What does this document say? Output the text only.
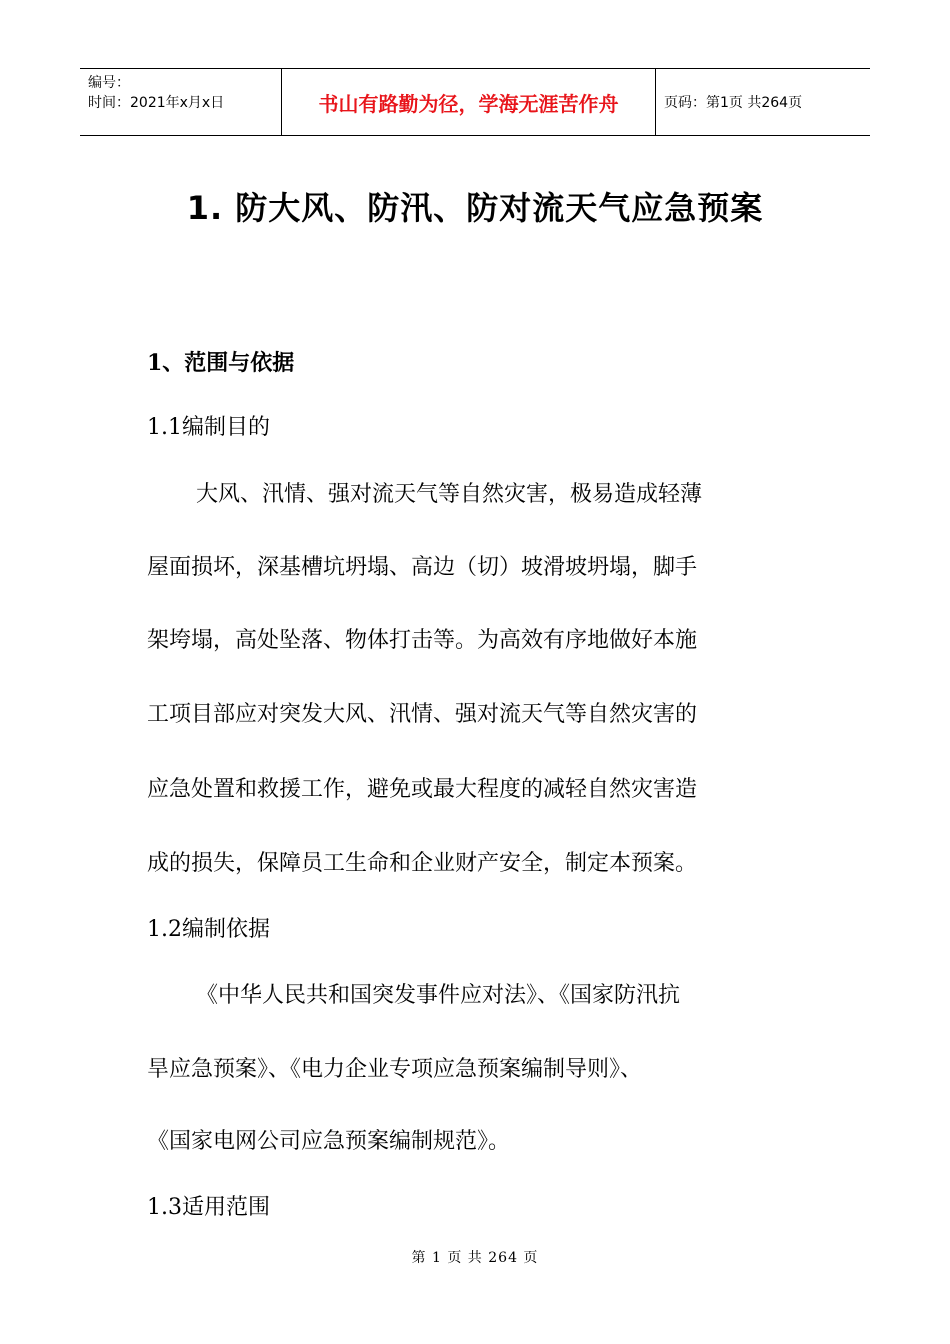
编号：
时间：2021年x月x日	书山有路勤为径，学海无涯苦作舟	页码：第1页 共264页
1. 防大风、防汛、防对流天气应急预案
1、范围与依据
1.1编制目的
大风、汛情、强对流天气等自然灾害，极易造成轻薄
屋面损坏，深基槽坑坍塌、高边（切）坡滑坡坍塌，脚手
架垮塌，高处坠落、物体打击等。为高效有序地做好本施
工项目部应对突发大风、汛情、强对流天气等自然灾害的
应急处置和救援工作，避免或最大程度的减轻自然灾害造
成的损失，保障员工生命和企业财产安全，制定本预案。
1.2编制依据
《中华人民共和国突发事件应对法》、《国家防汛抗
旱应急预案》、《电力企业专项应急预案编制导则》、
《国家电网公司应急预案编制规范》。
1.3适用范围
第 1 页 共 264 页
